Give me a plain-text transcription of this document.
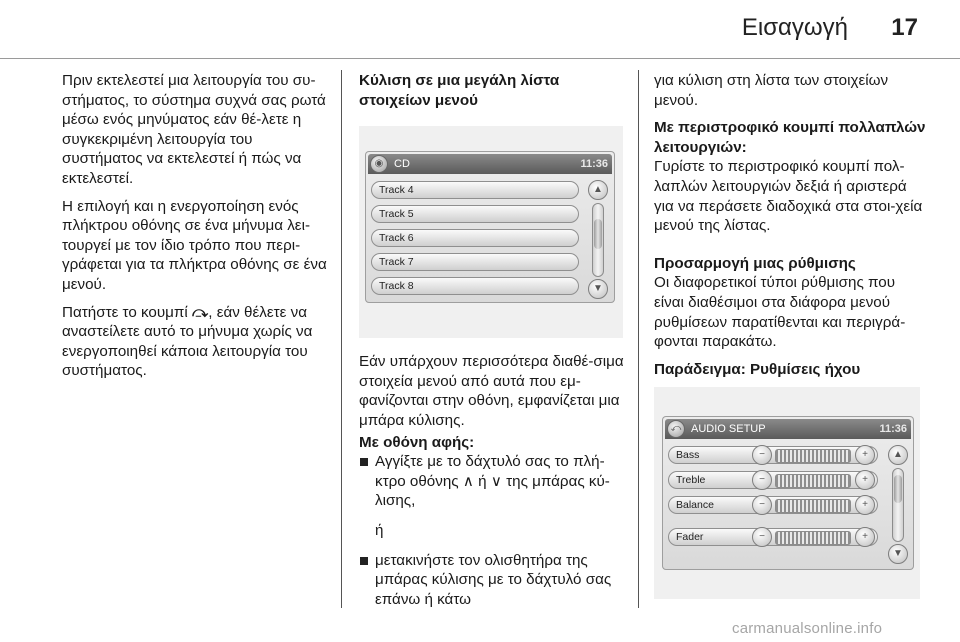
Εισαγωγή 17

Πριν εκτελεστεί μια λειτουργία του συ-στήματος, το σύστημα συχνά σας ρωτά μέσω ενός μηνύματος εάν θέ-λετε η συγκεκριμένη λειτουργία του συστήματος να εκτελεστεί ή πώς να εκτελεστεί.

Η επιλογή και η ενεργοποίηση ενός πλήκτρου οθόνης σε ένα μήνυμα λει-τουργεί με τον ίδιο τρόπο που περι-γράφεται για τα πλήκτρα οθόνης σε ένα μενού.

Πατήστε το κουμπί ⤼, εάν θέλετε να αναστείλετε αυτό το μήνυμα χωρίς να ενεργοποιηθεί κάποια λειτουργία του συστήματος.

Κύλιση σε μια μεγάλη λίστα στοιχείων μενού
◉ CD	11:36
Track 4
Track 5
Track 6
Track 7
Track 8
▲
▼

Εάν υπάρχουν περισσότερα διαθέ-σιμα στοιχεία μενού από αυτά που εμ-φανίζονται στην οθόνη, εμφανίζεται μια μπάρα κύλισης.

Με οθόνη αφής:
Αγγίξτε με το δάχτυλό σας το πλή-κτρο οθόνης ∧ ή ∨ της μπάρας κύ-λισης,
ή
μετακινήστε τον ολισθητήρα της μπάρας κύλισης με το δάχτυλό σας επάνω ή κάτω

για κύλιση στη λίστα των στοιχείων μενού.

Με περιστροφικό κουμπί πολλαπλών λειτουργιών:

Γυρίστε το περιστροφικό κουμπί πολ-λαπλών λειτουργιών δεξιά ή αριστερά για να περάσετε διαδοχικά στα στοι-χεία μενού της λίστας.

Προσαρμογή μιας ρύθμισης

Οι διαφορετικοί τύποι ρύθμισης που είναι διαθέσιμοι στα διάφορα μενού ρυθμίσεων παρατίθενται και περιγρά-φονται παρακάτω.

Παράδειγμα: Ρυθμίσεις ήχου
⤺ AUDIO SETUP	11:36
Bass	−	+
Treble	−	+
Balance	−	+
Fader	−	+
▲
▼
carmanualsonline.info
